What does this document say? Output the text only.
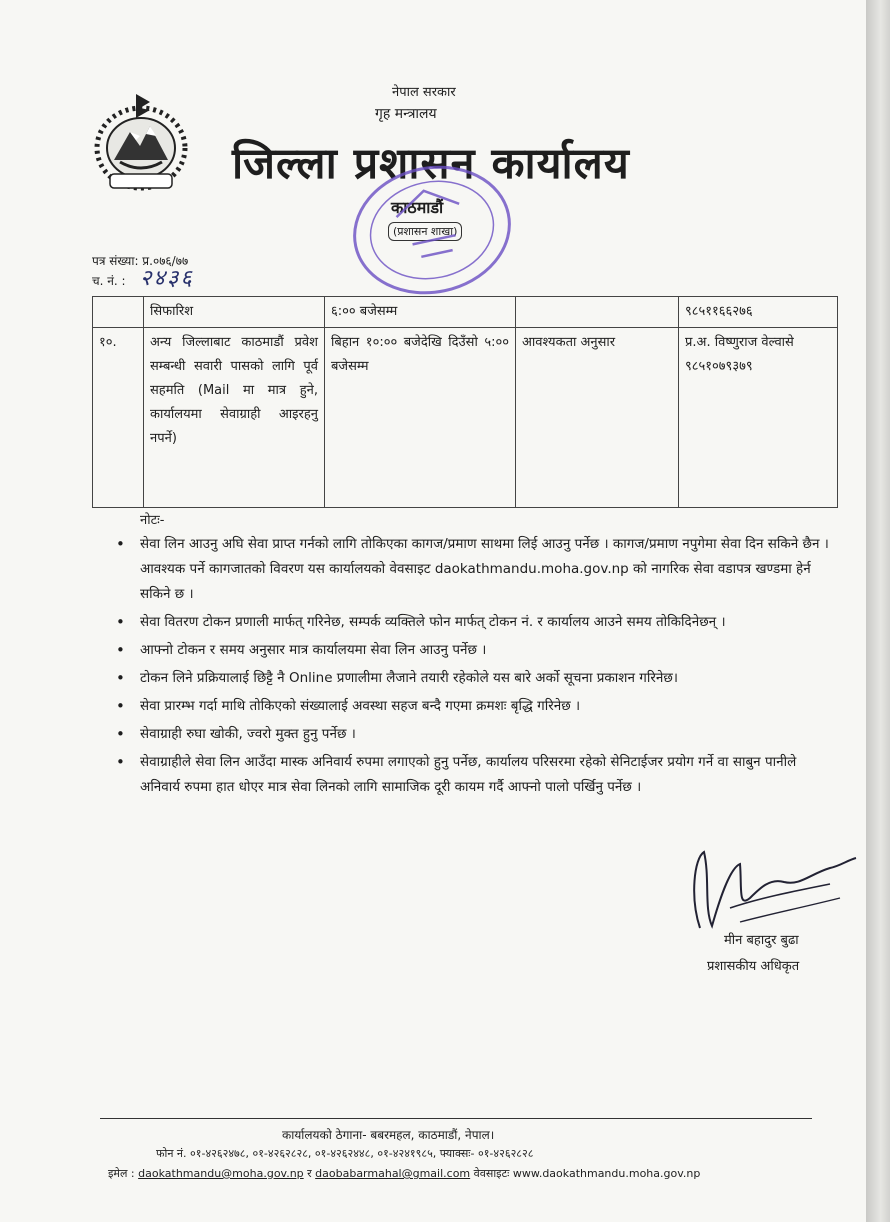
नेपाल सरकार
गृह मन्त्रालय
जिल्ला प्रशासन कार्यालय
काठमाडौं
(प्रशासन शाखा)
पत्र संख्या: प्र.०७६/७७
च. नं. : २४३६
	सिफारिश	६:०० बजेसम्म		९८५११६६२७६
१०.	अन्य जिल्लाबाट काठमाडौं प्रवेश सम्बन्धी सवारी पासको लागि पूर्व सहमति (Mail मा मात्र हुने, कार्यालयमा सेवाग्राही आइरहनु नपर्ने)	बिहान १०:०० बजेदेखि दिउँसो ५:०० बजेसम्म	आवश्यकता अनुसार	प्र.अ. विष्णुराज वेल्वासे ९८५१०७९३७९
नोटः-
• सेवा लिन आउनु अघि सेवा प्राप्त गर्नको लागि तोकिएका कागज/प्रमाण साथमा लिई आउनु पर्नेछ । कागज/प्रमाण नपुगेमा सेवा दिन सकिने छैन । आवश्यक पर्ने कागजातको विवरण यस कार्यालयको वेवसाइट daokathmandu.moha.gov.np को नागरिक सेवा वडापत्र खण्डमा हेर्न सकिने छ ।
• सेवा वितरण टोकन प्रणाली मार्फत् गरिनेछ, सम्पर्क व्यक्तिले फोन मार्फत् टोकन नं. र कार्यालय आउने समय तोकिदिनेछन् ।
• आफ्नो टोकन र समय अनुसार मात्र कार्यालयमा सेवा लिन आउनु पर्नेछ ।
• टोकन लिने प्रक्रियालाई छिट्टै नै Online प्रणालीमा लैजाने तयारी रहेकोले यस बारे अर्को सूचना प्रकाशन गरिनेछ।
• सेवा प्रारम्भ गर्दा माथि तोकिएको संख्यालाई अवस्था सहज बन्दै गएमा क्रमशः बृद्धि गरिनेछ ।
• सेवाग्राही रुघा खोकी, ज्वरो मुक्त हुनु पर्नेछ ।
• सेवाग्राहीले सेवा लिन आउँदा मास्क अनिवार्य रुपमा लगाएको हुनु पर्नेछ, कार्यालय परिसरमा रहेको सेनिटाईजर प्रयोग गर्ने वा साबुन पानीले अनिवार्य रुपमा हात धोएर मात्र सेवा लिनको लागि सामाजिक दूरी कायम गर्दै आफ्नो पालो पर्खिनु पर्नेछ ।
मीन बहादुर बुढा
प्रशासकीय अधिकृत
कार्यालयको ठेगाना- बबरमहल, काठमाडौं, नेपाल।
फोन नं. ०१-४२६२४७८, ०१-४२६२८२८, ०१-४२६२४४८, ०१-४२४१९८५, फ्याक्सः- ०१-४२६२८२८
इमेल : daokathmandu@moha.gov.np र daobabarmahal@gmail.com वेवसाइटः www.daokathmandu.moha.gov.np
